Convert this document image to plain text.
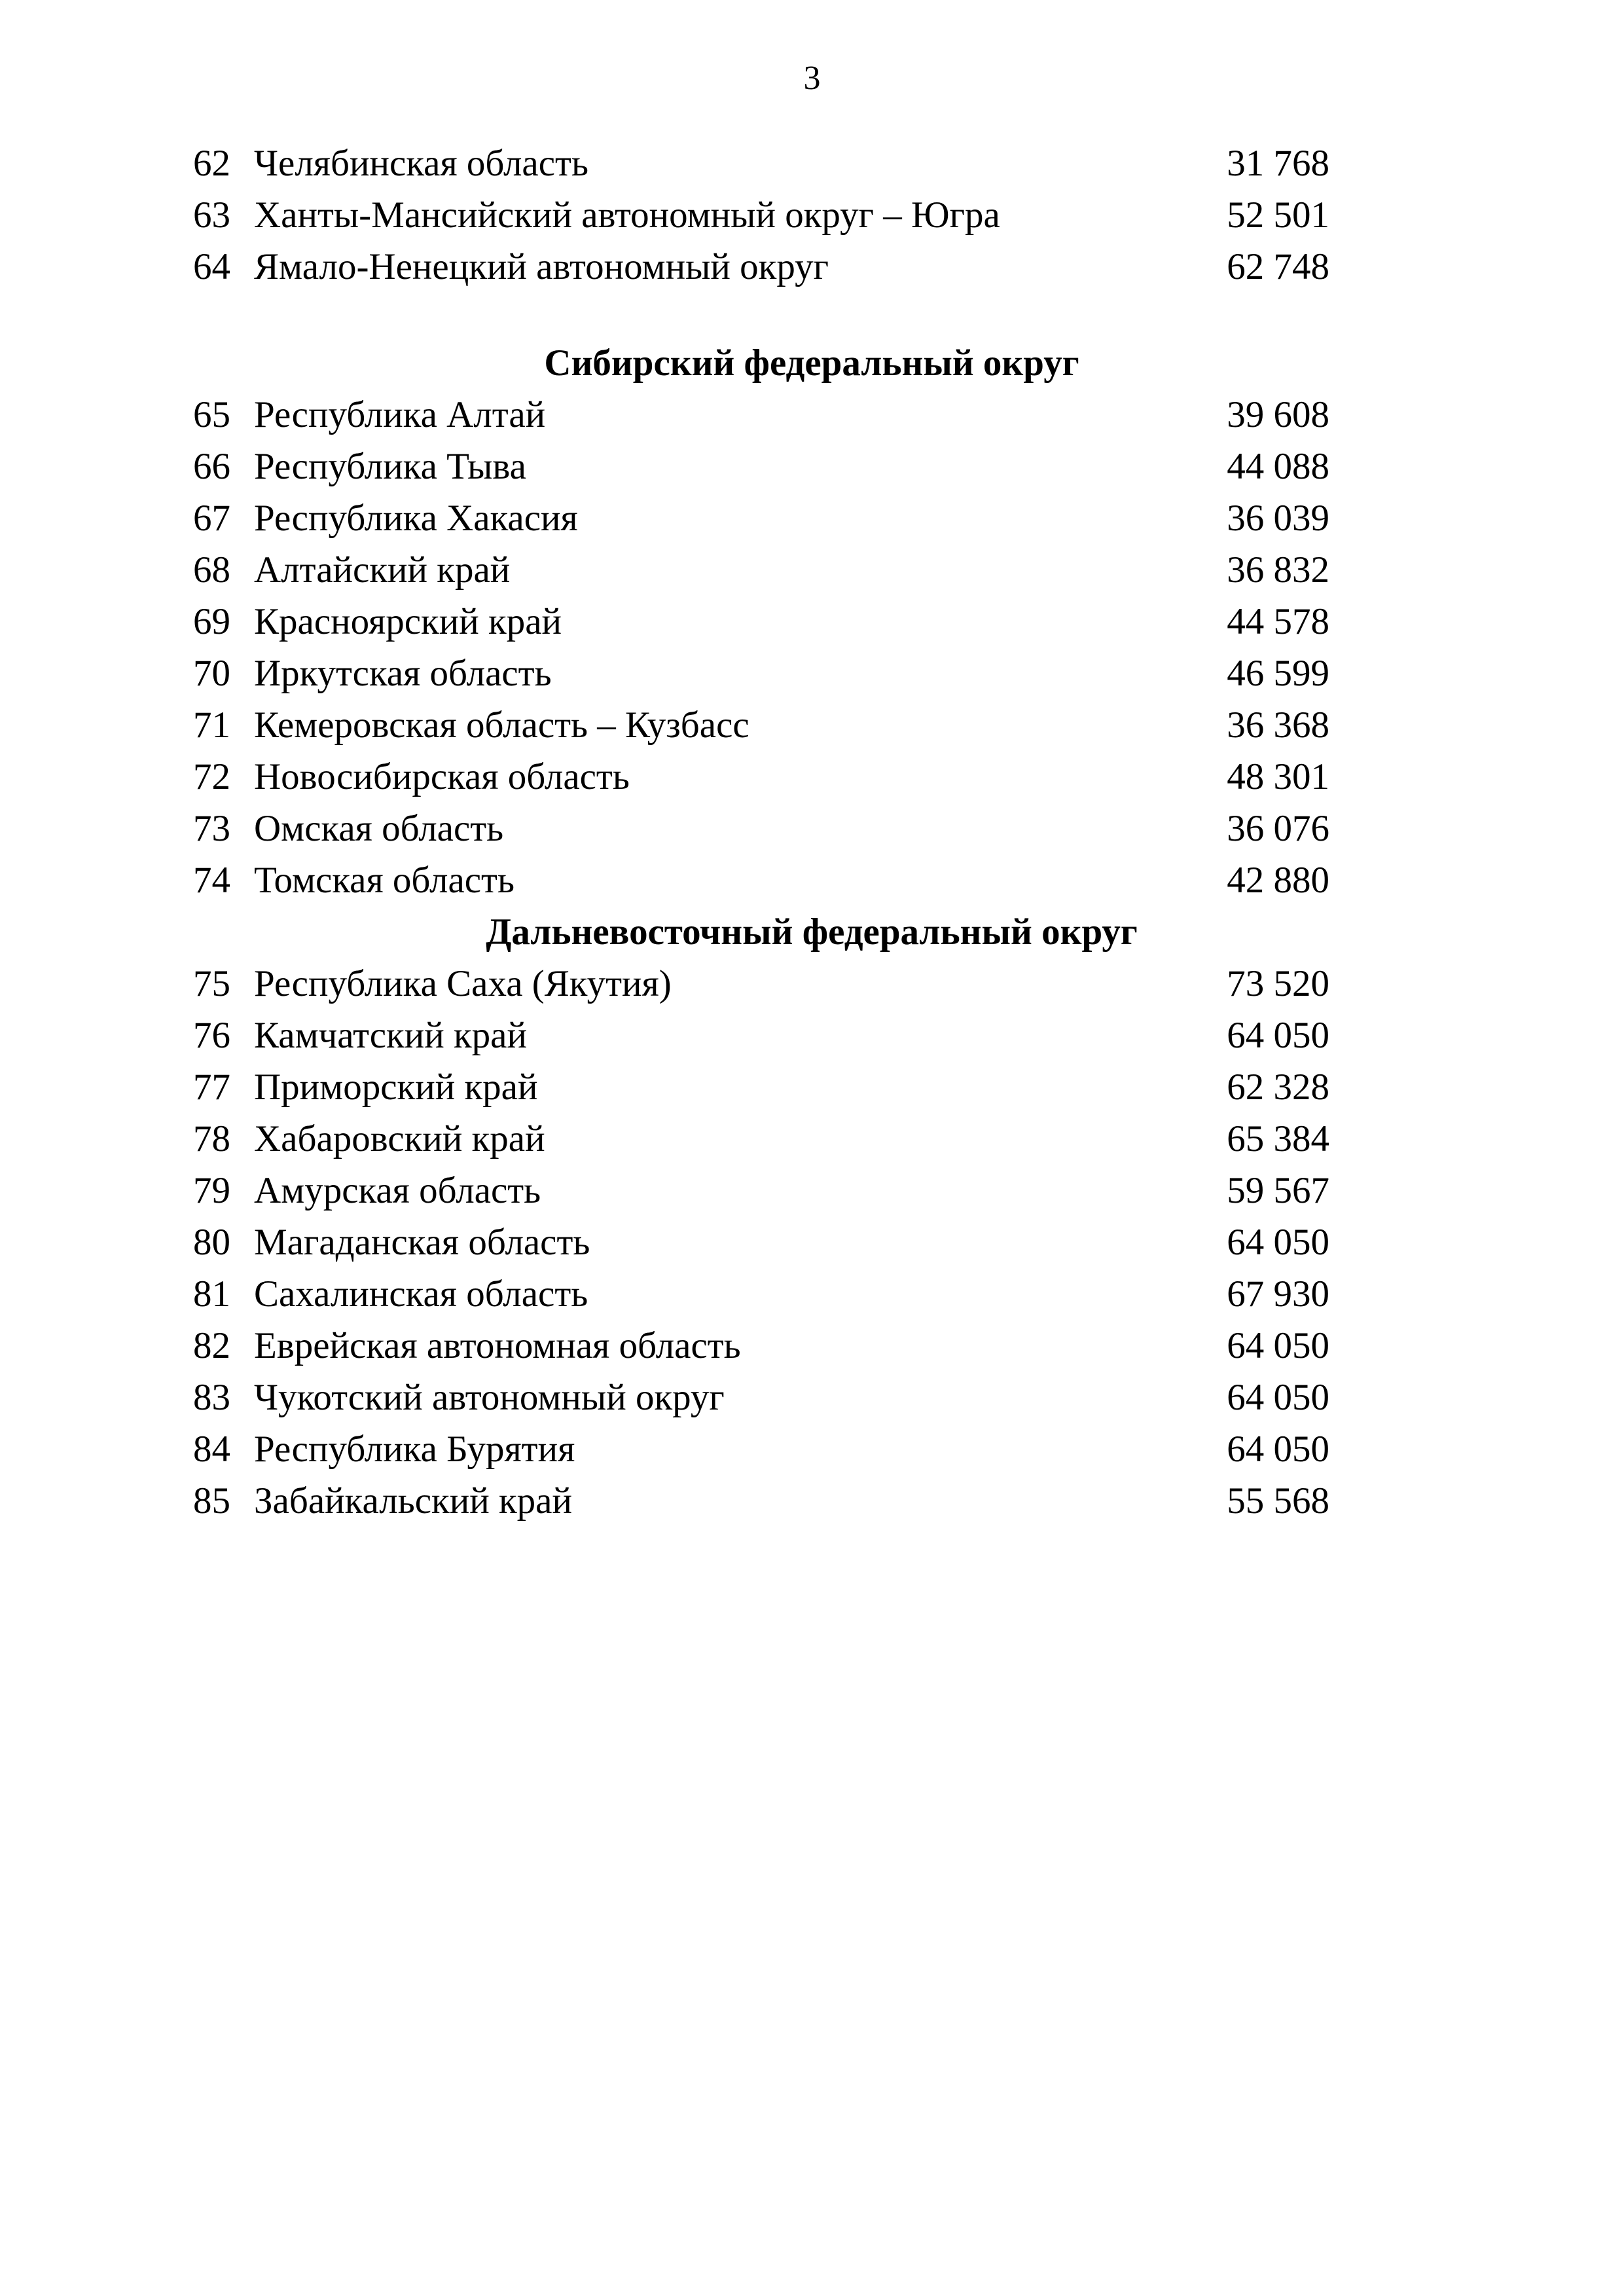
3
62 Челябинская область	31 768
63 Ханты-Мансийский автономный округ – Югра	52 501
64 Ямало-Ненецкий автономный округ	62 748
Сибирский федеральный округ
65 Республика Алтай	39 608
66 Республика Тыва	44 088
67 Республика Хакасия	36 039
68 Алтайский край	36 832
69 Красноярский край	44 578
70 Иркутская область	46 599
71 Кемеровская область – Кузбасс	36 368
72 Новосибирская область	48 301
73 Омская область	36 076
74 Томская область	42 880
Дальневосточный федеральный округ
75 Республика Саха (Якутия)	73 520
76 Камчатский край	64 050
77 Приморский край	62 328
78 Хабаровский край	65 384
79 Амурская область	59 567
80 Магаданская область	64 050
81 Сахалинская область	67 930
82 Еврейская автономная область	64 050
83 Чукотский автономный округ	64 050
84 Республика Бурятия	64 050
85 Забайкальский край	55 568
